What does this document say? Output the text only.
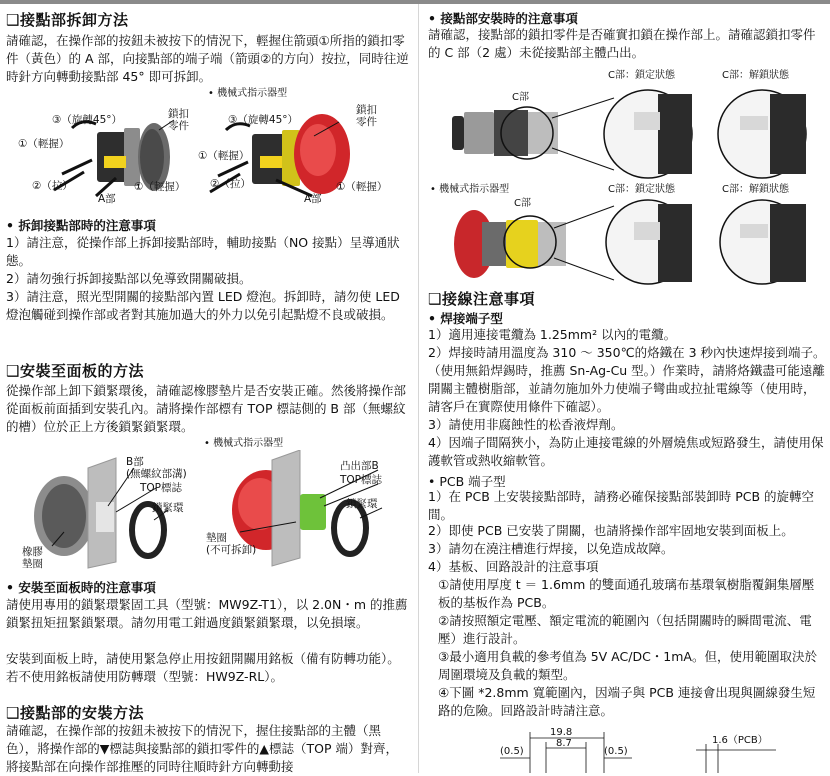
❑接點部拆卸方法
請確認，在操作部的按鈕未被按下的情況下，輕握住箭頭①所指的鎖扣零件（黃色）的 A 部，向接點部的端子端（箭頭②的方向）按拉，同時往逆時針方向轉動接點部 45° 即可拆卸。
• 機械式指示器型
③（旋轉45°）	鎖扣
零件
①（輕握）
②（拉）	①（輕握）
A部
③（旋轉45°）
鎖扣
零件
①（輕握）
②（拉）	①（輕握）
A部
• 拆卸接點部時的注意事項
1）請注意，從操作部上拆卸接點部時，輔助接點（NO 接點）呈導通狀態。
2）請勿強行拆卸接點部以免導致開關破損。
3）請注意，照光型開關的接點部內置 LED 燈泡。拆卸時，請勿使 LED 燈泡觸碰到操作部或者對其施加過大的外力以免引起點燈不良或破損。
❑安裝至面板的方法
從操作部上卸下鎖緊環後，請確認橡膠墊片是否安裝正確。然後將操作部從面板前面插到安裝孔內。請將操作部標有 TOP 標誌側的 B 部（無螺紋的槽）位於正上方後鎖緊鎖緊環。
• 機械式指示器型
B部
(無螺紋部溝)
TOP標誌
鎖緊環
橡膠
墊圈
凸出部B
TOP標誌
鎖緊環
墊圈
(不可拆卸)
• 安裝至面板時的注意事項
請使用專用的鎖緊環緊固工具（型號：MW9Z-T1），以 2.0N・m 的推薦鎖緊扭矩扭緊鎖緊環。請勿用電工鉗過度鎖緊鎖緊環，以免損壞。
安裝到面板上時，請使用緊急停止用按鈕開關用銘板（備有防轉功能）。若不使用銘板請使用防轉環（型號：HW9Z-RL）。
❑接點部的安裝方法
請確認，在操作部的按鈕未被按下的情況下，握住接點部的主體（黑色），將操作部的▼標誌與接點部的鎖扣零件的▲標誌（TOP 端）對齊，將接點部在向操作部推壓的同時往順時針方向轉動接
• 接點部安裝時的注意事項
請確認，接點部的鎖扣零件是否確實扣鎖在操作部上。請確認鎖扣零件的 C 部（2 處）未從接點部主體凸出。
C部：鎖定狀態	C部：解鎖狀態
C部
• 機械式指示器型	C部：鎖定狀態	C部：解鎖狀態
C部
❑接線注意事項
• 焊接端子型
1）適用連接電纜為 1.25mm² 以內的電纜。
2）焊接時請用溫度為 310 ～ 350℃的烙鐵在 3 秒內快速焊接到端子。（使用無鉛焊錫時，推薦 Sn-Ag-Cu 型。）作業時，請將烙鐵盡可能遠離開關主體樹脂部，並請勿施加外力使端子彎曲或拉扯電線等（使用時，請客戶在實際使用條件下確認）。
3）請使用非腐蝕性的松香液焊劑。
4）因端子間隔狹小，為防止連接電線的外層燒焦或短路發生，請使用保護軟管或熱收縮軟管。
• PCB 端子型
1）在 PCB 上安裝接點部時，請務必確保接點部裝卸時 PCB 的旋轉空間。
2）即使 PCB 已安裝了開關，也請將操作部牢固地安裝到面板上。
3）請勿在澆注槽進行焊接，以免造成故障。
4）基板、回路設計的注意事項
①請使用厚度 t ＝ 1.6mm 的雙面通孔玻璃布基環氧樹脂覆銅集層壓板的基板作為 PCB。
②請按照額定電壓、額定電流的範圍內（包括開關時的瞬間電流、電壓）進行設計。
③最小適用負載的參考值為 5V AC/DC・1mA。但，使用範圍取決於周圍環境及負載的類型。
④下圖 *2.8mm 寬範圍內，因端子與 PCB 連接會出現與圖線發生短路的危險。回路設計時請注意。
19.8
8.7
(0.5)	(0.5)
1.6（PCB）
